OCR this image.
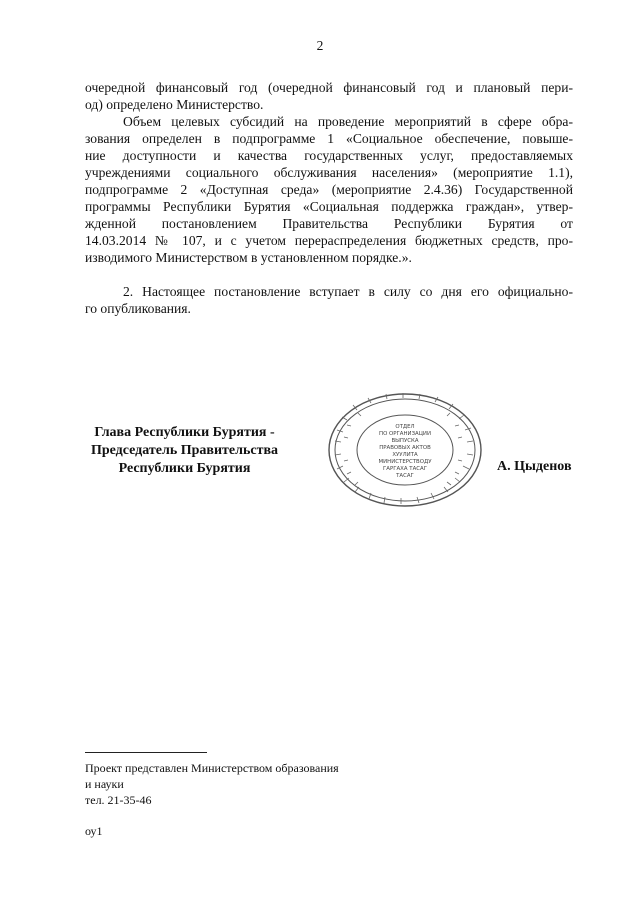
2
очередной финансовый год (очередной финансовый год и плановый пери-
од) определено Министерство.
Объем целевых субсидий на проведение мероприятий в сфере обра-
зования определен в подпрограмме 1 «Социальное обеспечение, повыше-
ние доступности и качества государственных услуг, предоставляемых
учреждениями социального обслуживания населения» (мероприятие 1.1),
подпрограмме 2 «Доступная среда» (мероприятие 2.4.36) Государственной
программы Республики Бурятия «Социальная поддержка граждан», утвер-
жденной постановлением Правительства Республики Бурятия от
14.03.2014 № 107, и с учетом перераспределения бюджетных средств, про-
изводимого Министерством в установленном порядке.».
2. Настоящее постановление вступает в силу со дня его официально-
го опубликования.
Глава Республики Бурятия -
Председатель Правительства
Республики Бурятия
ОТДЕЛ
ПО ОРГАНИЗАЦИИ
ВЫПУСКА
ПРАВОВЫХ АКТОВ
ХУУЛИТА
МИНИСТЕРСТВОДУ
ГАРГАХА ТАСАГ
ТАСАГ
А. Цыденов
Проект представлен Министерством образования
и науки
тел. 21-35-46
оу1
